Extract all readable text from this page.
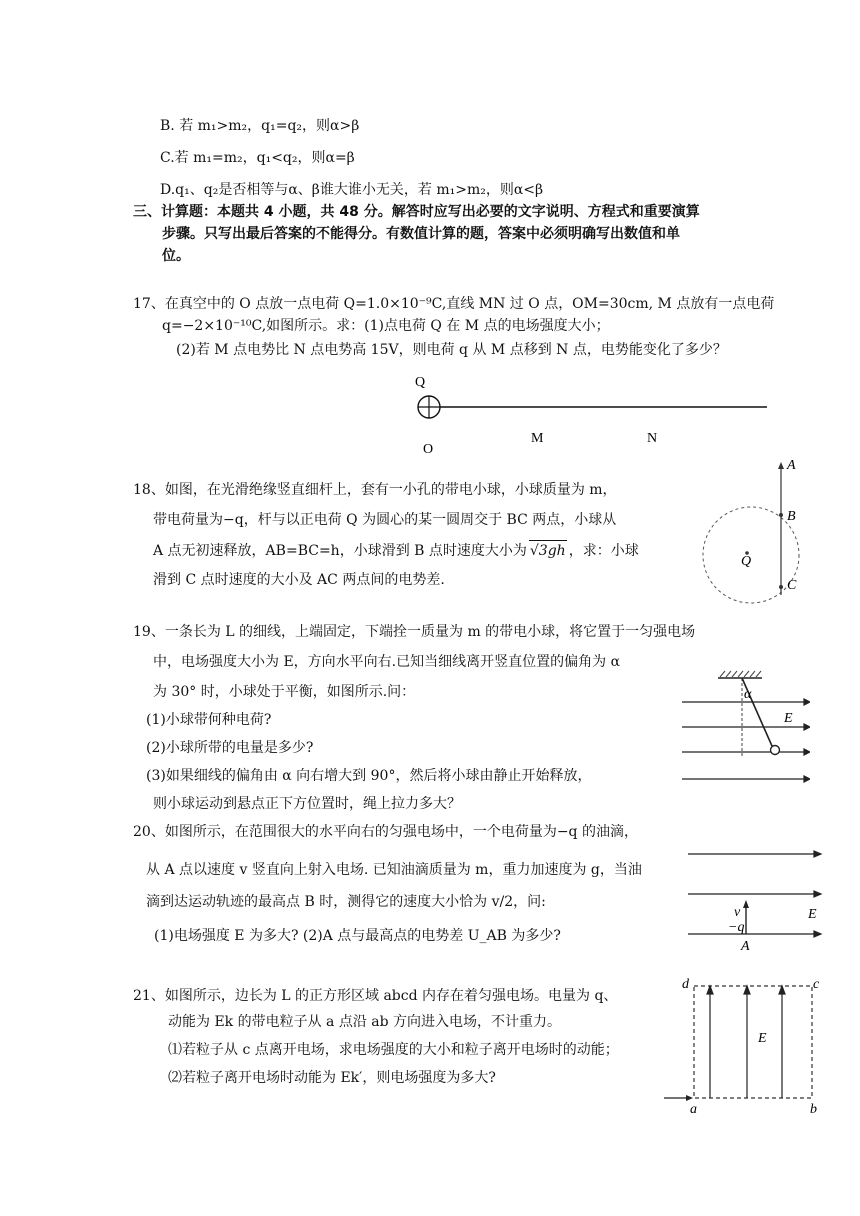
B. 若 m₁>m₂，q₁=q₂，则α>β
C.若 m₁=m₂，q₁<q₂，则α=β
D.q₁、q₂是否相等与α、β谁大谁小无关，若 m₁>m₂，则α<β
三、计算题：本题共 4 小题，共 48 分。解答时应写出必要的文字说明、方程式和重要演算
步骤。只写出最后答案的不能得分。有数值计算的题，答案中必须明确写出数值和单
位。
17、在真空中的 O 点放一点电荷 Q=1.0×10⁻⁹C,直线 MN 过 O 点，OM=30cm, M 点放有一点电荷
q=−2×10⁻¹⁰C,如图所示。求：(1)点电荷 Q 在 M 点的电场强度大小；
(2)若 M 点电势比 N 点电势高 15V，则电荷 q 从 M 点移到 N 点，电势能变化了多少？
Q
O
M	N
18、如图，在光滑绝缘竖直细杆上，套有一小孔的带电小球，小球质量为 m，
带电荷量为−q，杆与以正电荷 Q 为圆心的某一圆周交于 BC 两点，小球从
A 点无初速释放，AB=BC=h，小球滑到 B 点时速度大小为 √3gh ，求：小球
滑到 C 点时速度的大小及 AC 两点间的电势差.
A
B
C
Q
19、一条长为 L 的细线，上端固定，下端拴一质量为 m 的带电小球，将它置于一匀强电场
中，电场强度大小为 E，方向水平向右.已知当细线离开竖直位置的偏角为 α
为 30° 时，小球处于平衡，如图所示.问：
(1)小球带何种电荷?
(2)小球所带的电量是多少?
(3)如果细线的偏角由 α 向右增大到 90°，然后将小球由静止开始释放，
则小球运动到悬点正下方位置时，绳上拉力多大？
α
E
20、如图所示，在范围很大的水平向右的匀强电场中，一个电荷量为−q 的油滴，
从 A 点以速度 v 竖直向上射入电场. 已知油滴质量为 m，重力加速度为 g，当油
滴到达运动轨迹的最高点 B 时，测得它的速度大小恰为 v/2，问:
(1)电场强度 E 为多大? (2)A 点与最高点的电势差 U_AB 为多少?
v
−q
A
E
21、如图所示，边长为 L 的正方形区域 abcd 内存在着匀强电场。电量为 q、
动能为 Ek 的带电粒子从 a 点沿 ab 方向进入电场，不计重力。
⑴若粒子从 c 点离开电场，求电场强度的大小和粒子离开电场时的动能；
⑵若粒子离开电场时动能为 Ek′，则电场强度为多大?
E
d	c
a	b
